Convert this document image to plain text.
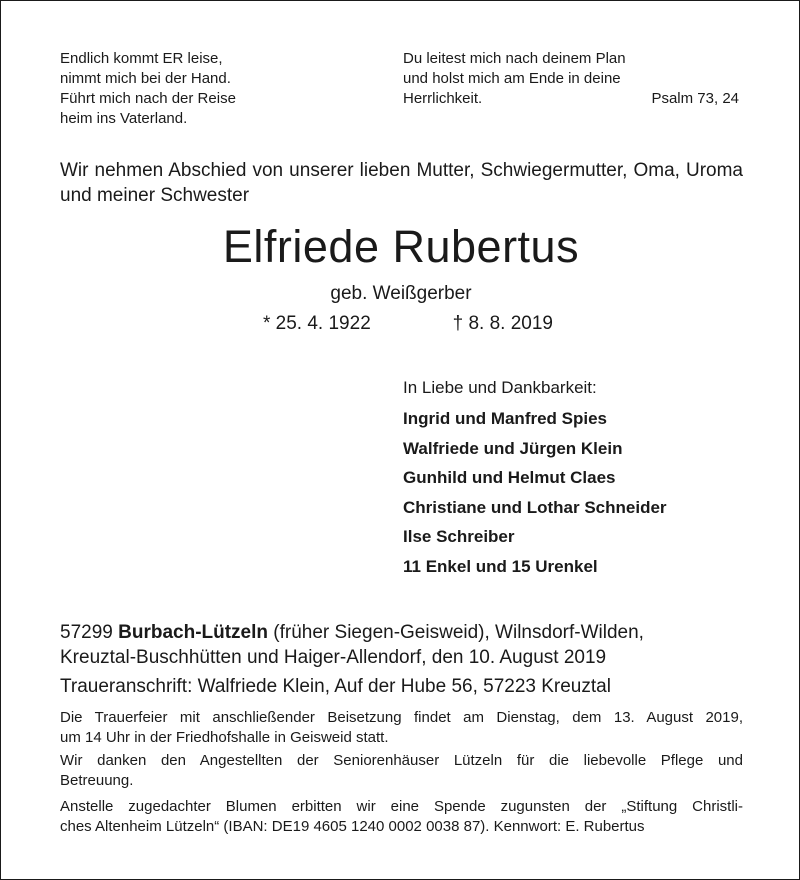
Endlich kommt ER leise,
nimmt mich bei der Hand.
Führt mich nach der Reise
heim ins Vaterland.

Du leitest mich nach deinem Plan
und holst mich am Ende in deine
Herrlichkeit.	Psalm 73, 24

Wir nehmen Abschied von unserer lieben Mutter, Schwiegermutter, Oma, Uroma und meiner Schwester

Elfriede Rubertus

geb. Weißgerber

* 25. 4. 1922	† 8. 8. 2019

In Liebe und Dankbarkeit:
Ingrid und Manfred Spies
Walfriede und Jürgen Klein
Gunhild und Helmut Claes
Christiane und Lothar Schneider
Ilse Schreiber
11 Enkel und 15 Urenkel

57299 Burbach-Lützeln (früher Siegen-Geisweid), Wilnsdorf-Wilden,
Kreuztal-Buschhütten und Haiger-Allendorf, den 10. August 2019

Traueranschrift: Walfriede Klein, Auf der Hube 56, 57223 Kreuztal

Die Trauerfeier mit anschließender Beisetzung findet am Dienstag, dem 13. August 2019,
um 14 Uhr in der Friedhofshalle in Geisweid statt.

Wir danken den Angestellten der Seniorenhäuser Lützeln für die liebevolle Pflege und
Betreuung.

Anstelle zugedachter Blumen erbitten wir eine Spende zugunsten der „Stiftung Christli-
ches Altenheim Lützeln“ (IBAN: DE19 4605 1240 0002 0038 87). Kennwort: E. Rubertus
